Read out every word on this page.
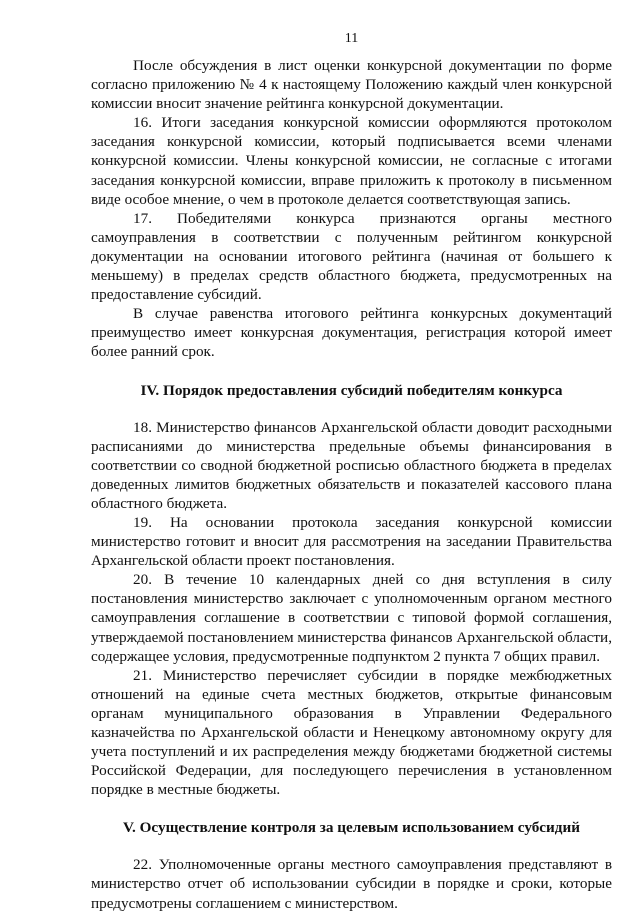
11

После обсуждения в лист оценки конкурсной документации по форме согласно приложению № 4 к настоящему Положению каждый член конкурсной комиссии вносит значение рейтинга конкурсной документации.

16. Итоги заседания конкурсной комиссии оформляются протоколом заседания конкурсной комиссии, который подписывается всеми членами конкурсной комиссии. Члены конкурсной комиссии, не согласные с итогами заседания конкурсной комиссии, вправе приложить к протоколу в письменном виде особое мнение, о чем в протоколе делается соответствующая запись.

17. Победителями конкурса признаются органы местного самоуправления в соответствии с полученным рейтингом конкурсной документации на основании итогового рейтинга (начиная от большего к меньшему) в пределах средств областного бюджета, предусмотренных на предоставление субсидий.

В случае равенства итогового рейтинга конкурсных документаций преимущество имеет конкурсная документация, регистрация которой имеет более ранний срок.

IV. Порядок предоставления субсидий победителям конкурса

18. Министерство финансов Архангельской области доводит расходными расписаниями до министерства предельные объемы финансирования в соответствии со сводной бюджетной росписью областного бюджета в пределах доведенных лимитов бюджетных обязательств и показателей кассового плана областного бюджета.

19. На основании протокола заседания конкурсной комиссии министерство готовит и вносит для рассмотрения на заседании Правительства Архангельской области проект постановления.

20. В течение 10 календарных дней со дня вступления в силу постановления министерство заключает с уполномоченным органом местного самоуправления соглашение в соответствии с типовой формой соглашения, утверждаемой постановлением министерства финансов Архангельской области, содержащее условия, предусмотренные подпунктом 2 пункта 7 общих правил.

21. Министерство перечисляет субсидии в порядке межбюджетных отношений на единые счета местных бюджетов, открытые финансовым органам муниципального образования в Управлении Федерального казначейства по Архангельской области и Ненецкому автономному округу для учета поступлений и их распределения между бюджетами бюджетной системы Российской Федерации, для последующего перечисления в установленном порядке в местные бюджеты.

V. Осуществление контроля за целевым использованием субсидий

22. Уполномоченные органы местного самоуправления представляют в министерство отчет об использовании субсидии в порядке и сроки, которые предусмотрены соглашением с министерством.
